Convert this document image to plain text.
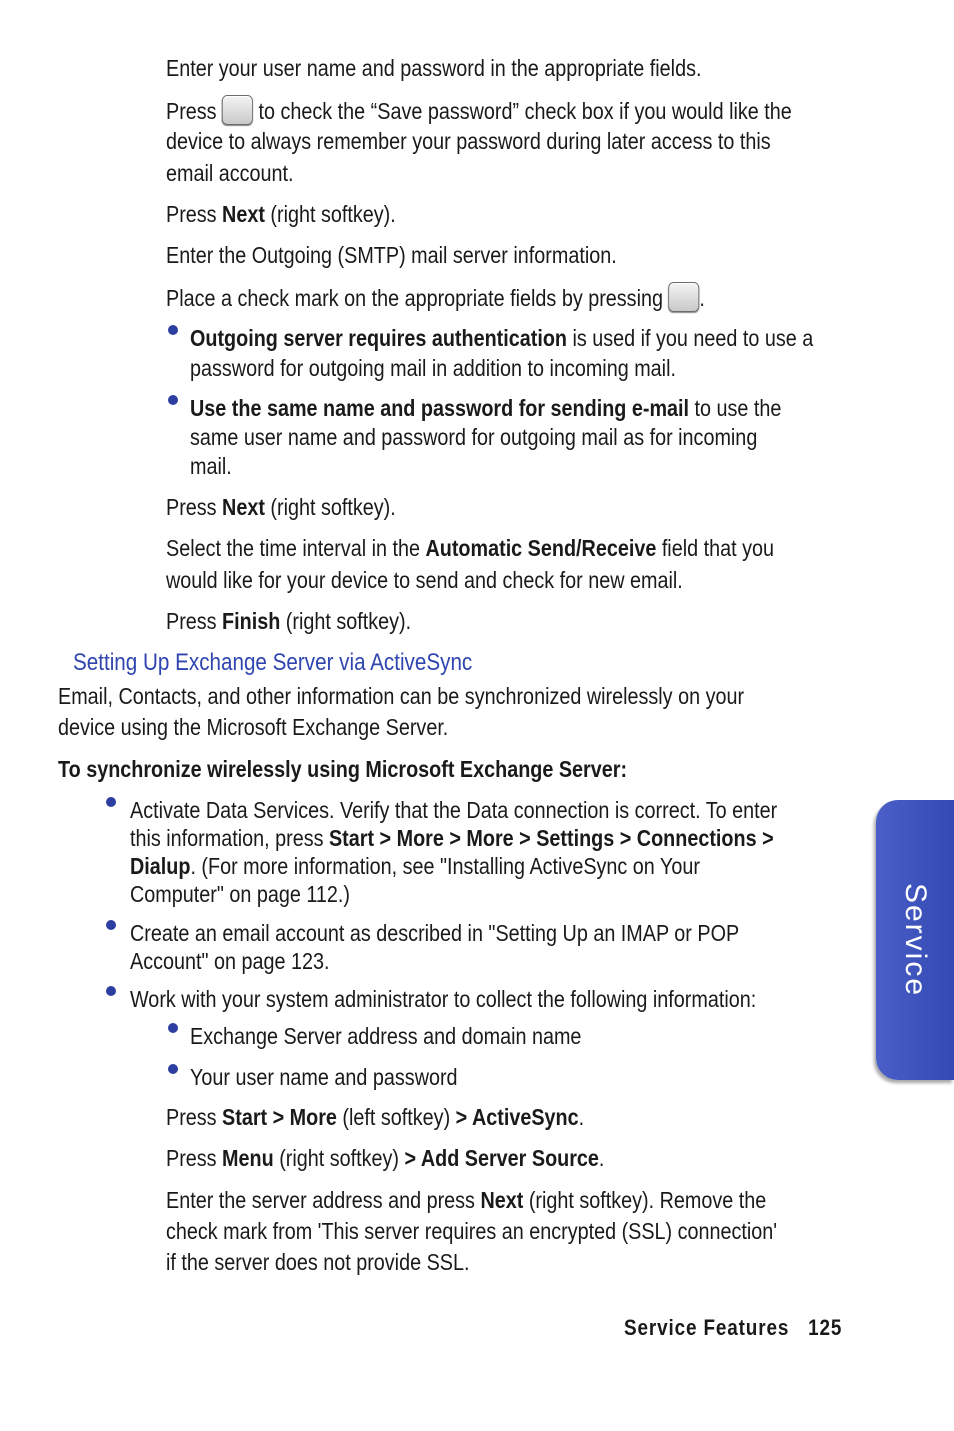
Enter your user name and password in the appropriate fields.
Press  to check the “Save password” check box if you would like the
device to always remember your password during later access to this
email account.
Press Next (right softkey).
Enter the Outgoing (SMTP) mail server information.
Place a check mark on the appropriate fields by pressing .
Outgoing server requires authentication is used if you need to use a
password for outgoing mail in addition to incoming mail.
Use the same name and password for sending e-mail to use the
same user name and password for outgoing mail as for incoming
mail.
Press Next (right softkey).
Select the time interval in the Automatic Send/Receive field that you
would like for your device to send and check for new email.
Press Finish (right softkey).
Setting Up Exchange Server via ActiveSync
Email, Contacts, and other information can be synchronized wirelessly on your
device using the Microsoft Exchange Server.
To synchronize wirelessly using Microsoft Exchange Server:
Activate Data Services. Verify that the Data connection is correct. To enter
this information, press Start > More > More > Settings > Connections >
Dialup. (For more information, see "Installing ActiveSync on Your
Computer" on page 112.)
Create an email account as described in "Setting Up an IMAP or POP
Account" on page 123.
Work with your system administrator to collect the following information:
Exchange Server address and domain name
Your user name and password
Press Start > More (left softkey) > ActiveSync.
Press Menu (right softkey) > Add Server Source.
Enter the server address and press Next (right softkey). Remove the
check mark from 'This server requires an encrypted (SSL) connection'
if the server does not provide SSL.
Service
Service Features 125
